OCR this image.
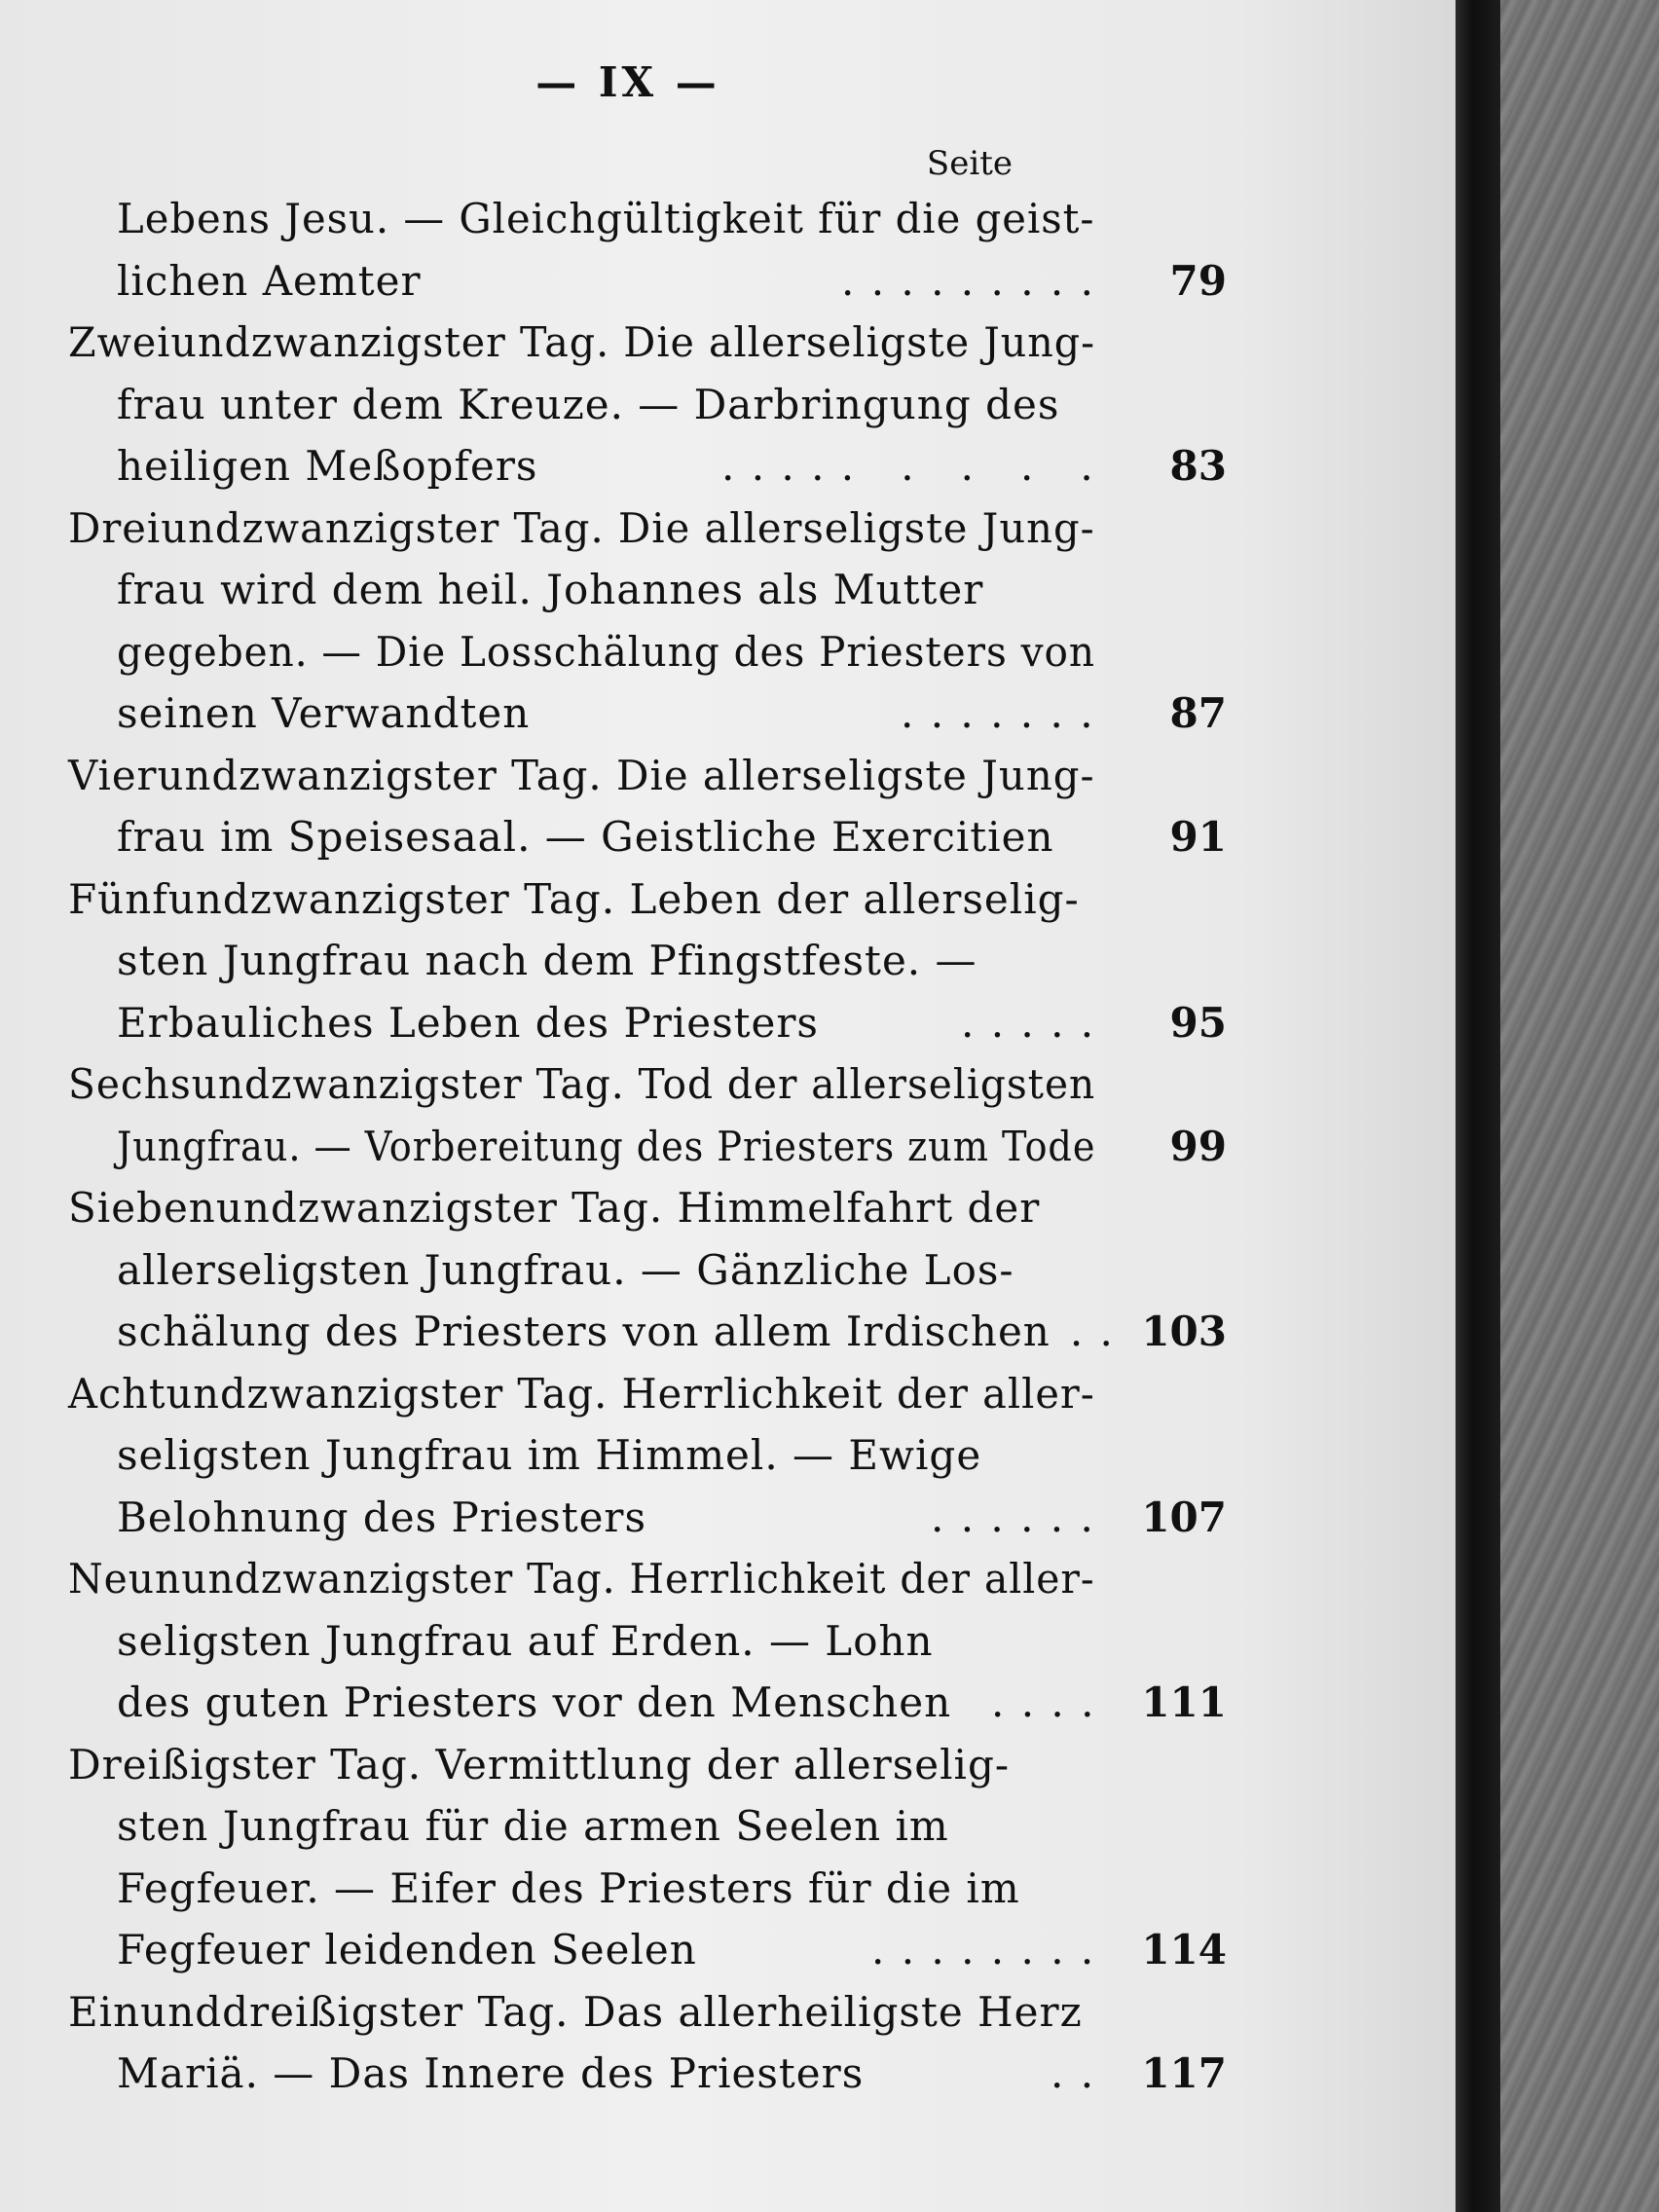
— IX —
Seite
Lebens Jesu. — Gleichgültigkeit für die geist-
lichen Aemter	. . . . . . . . .	79
Zweiundzwanzigster Tag. Die allerseligste Jung-
frau unter dem Kreuze. — Darbringung des
heiligen Meßopfers	. . . . .   .   .   .   .	83
Dreiundzwanzigster Tag. Die allerseligste Jung-
frau wird dem heil. Johannes als Mutter
gegeben. — Die Losschälung des Priesters von
seinen Verwandten	. . . . . . .	87
Vierundzwanzigster Tag. Die allerseligste Jung-
frau im Speisesaal. — Geistliche Exercitien	91
Fünfundzwanzigster Tag. Leben der allerselig-
sten Jungfrau nach dem Pfingstfeste. —
Erbauliches Leben des Priesters	. . . . .	95
Sechsundzwanzigster Tag. Tod der allerseligsten
Jungfrau. — Vorbereitung des Priesters zum Tode	99
Siebenundzwanzigster Tag. Himmelfahrt der
allerseligsten Jungfrau. — Gänzliche Los-
schälung des Priesters von allem Irdischen . . 103
Achtundzwanzigster Tag. Herrlichkeit der aller-
seligsten Jungfrau im Himmel. — Ewige
Belohnung des Priesters	. . . . . .	107
Neunundzwanzigster Tag. Herrlichkeit der aller-
seligsten Jungfrau auf Erden. — Lohn
des guten Priesters vor den Menschen . . . .	111
Dreißigster Tag. Vermittlung der allerselig-
sten Jungfrau für die armen Seelen im
Fegfeuer. — Eifer des Priesters für die im
Fegfeuer leidenden Seelen	. . . . . . . .	114
Einunddreißigster Tag. Das allerheiligste Herz
Mariä. — Das Innere des Priesters	. .	117
